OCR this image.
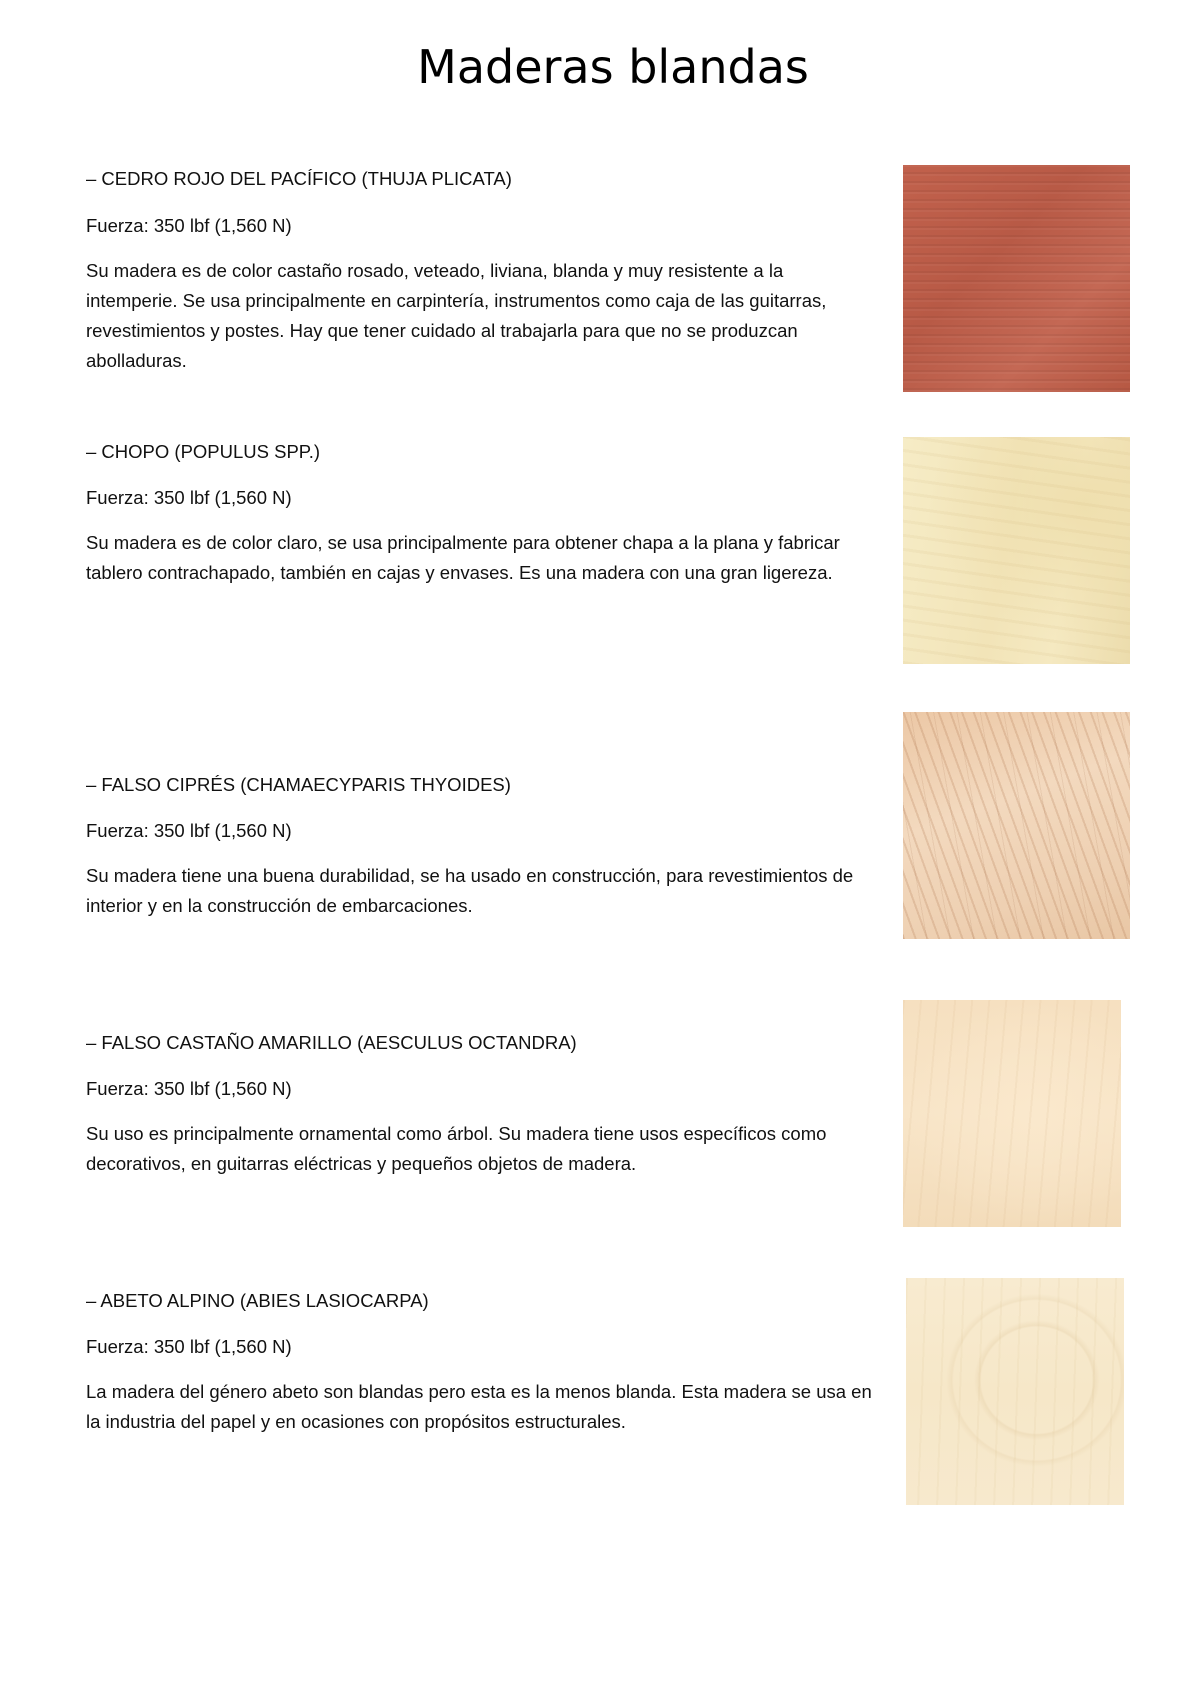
Maderas blandas
– CEDRO ROJO DEL PACÍFICO (THUJA PLICATA)
Fuerza: 350 lbf (1,560 N)

Su madera es de color castaño rosado, veteado, liviana, blanda y muy resistente a la intemperie. Se usa principalmente en carpintería, instrumentos como caja de las guitarras, revestimientos y postes. Hay que tener cuidado al trabajarla para que no se produzcan abolladuras.

– CHOPO (POPULUS SPP.)
Fuerza: 350 lbf (1,560 N)

Su madera es de color claro, se usa principalmente para obtener chapa a la plana y fabricar tablero contrachapado, también en cajas y envases. Es una madera con una gran ligereza.

– FALSO CIPRÉS (CHAMAECYPARIS THYOIDES)
Fuerza: 350 lbf (1,560 N)

Su madera tiene una buena durabilidad, se ha usado en construcción, para revestimientos de interior y en la construcción de embarcaciones.

– FALSO CASTAÑO AMARILLO (AESCULUS OCTANDRA)
Fuerza: 350 lbf (1,560 N)

Su uso es principalmente ornamental como árbol. Su madera tiene usos específicos como decorativos, en guitarras eléctricas y pequeños objetos de madera.

– ABETO ALPINO (ABIES LASIOCARPA)
Fuerza: 350 lbf (1,560 N)

La madera del género abeto son blandas pero esta es la menos blanda. Esta madera se usa en la industria del papel y en ocasiones con propósitos estructurales.
